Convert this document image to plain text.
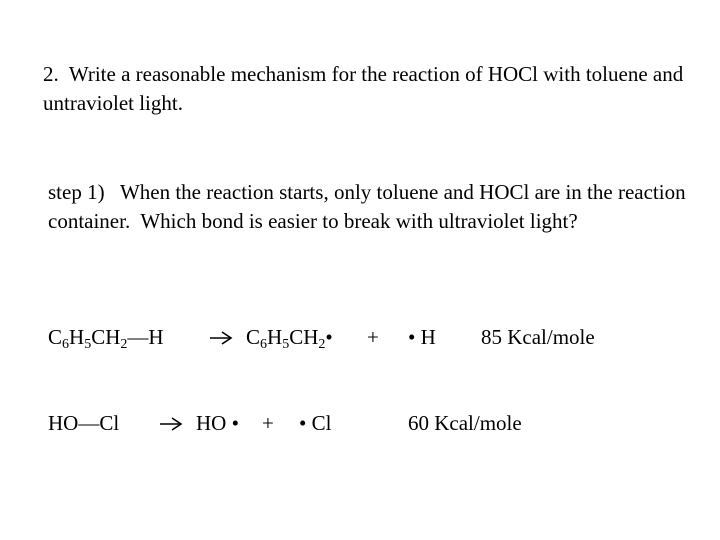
2.  Write a reasonable mechanism for the reaction of HOCl with toluene and untraviolet light.
step 1)   When the reaction starts, only toluene and HOCl are in the reaction container.  Which bond is easier to break with ultraviolet light?
$C_6H_5CH_2—H$	$C_6H_5CH_2•$ + • H 85 Kcal/mole
HO—Cl	HO • + • Cl	60 Kcal/mole
